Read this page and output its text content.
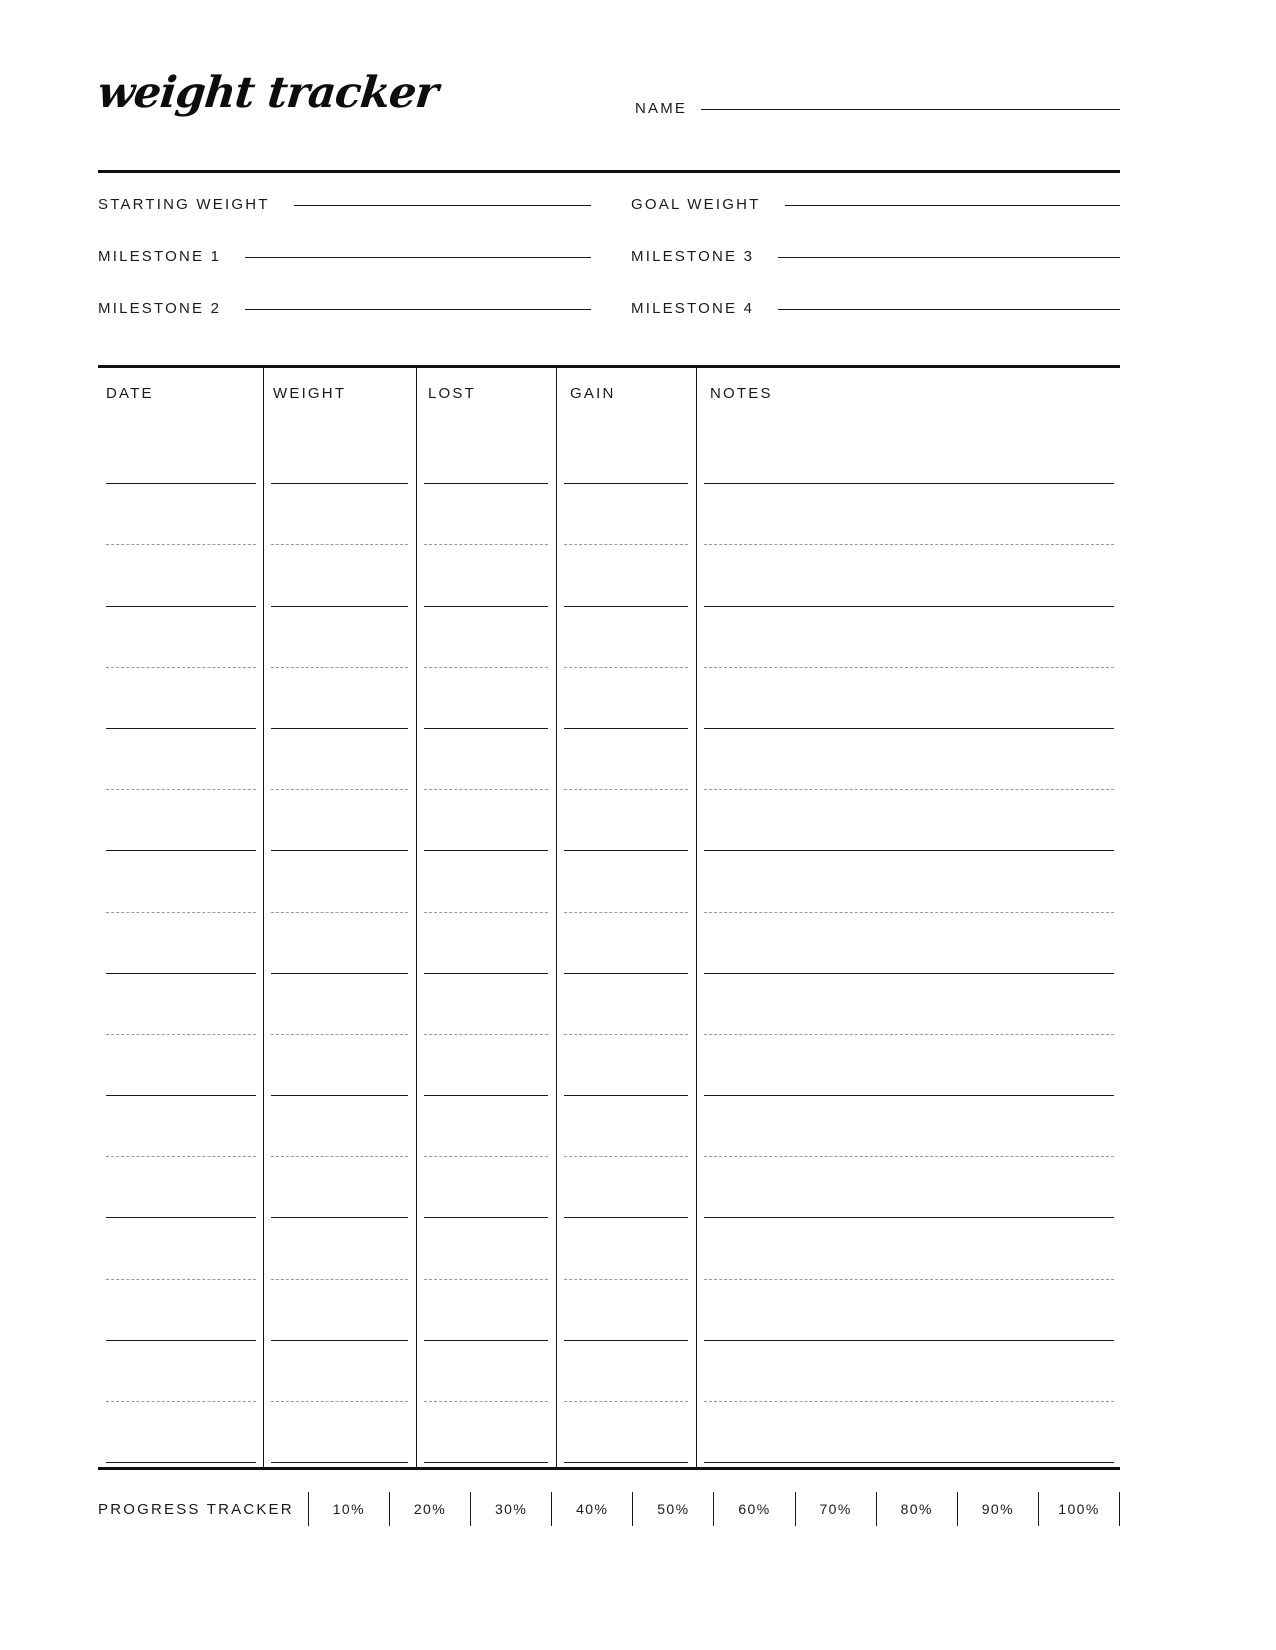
weight tracker	NAME
STARTING WEIGHT	GOAL WEIGHT
MILESTONE 1	MILESTONE 3
MILESTONE 2	MILESTONE 4
DATE	WEIGHT	LOST	GAIN	NOTES
PROGRESS TRACKER	10%	20%	30%	40%	50%	60%	70%	80%	90%	100%
